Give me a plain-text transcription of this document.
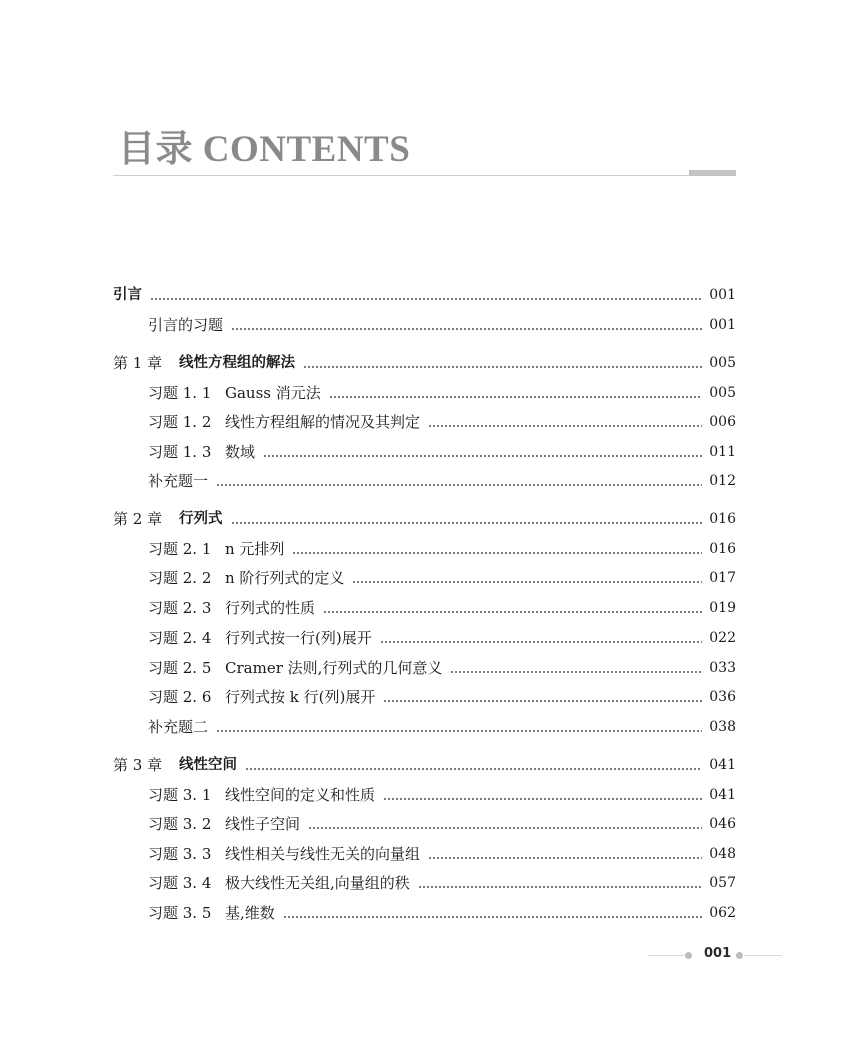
目录 CONTENTS
引言	001
引言的习题	001
第 1 章	线性方程组的解法	005
习题 1. 1 Gauss 消元法	005
习题 1. 2 线性方程组解的情况及其判定	006
习题 1. 3 数域	011
补充题一	012
第 2 章	行列式	016
习题 2. 1 n 元排列	016
习题 2. 2 n 阶行列式的定义	017
习题 2. 3 行列式的性质	019
习题 2. 4 行列式按一行(列)展开	022
习题 2. 5 Cramer 法则,行列式的几何意义	033
习题 2. 6 行列式按 k 行(列)展开	036
补充题二	038
第 3 章	线性空间	041
习题 3. 1 线性空间的定义和性质	041
习题 3. 2 线性子空间	046
习题 3. 3 线性相关与线性无关的向量组	048
习题 3. 4 极大线性无关组,向量组的秩	057
习题 3. 5 基,维数	062
001
